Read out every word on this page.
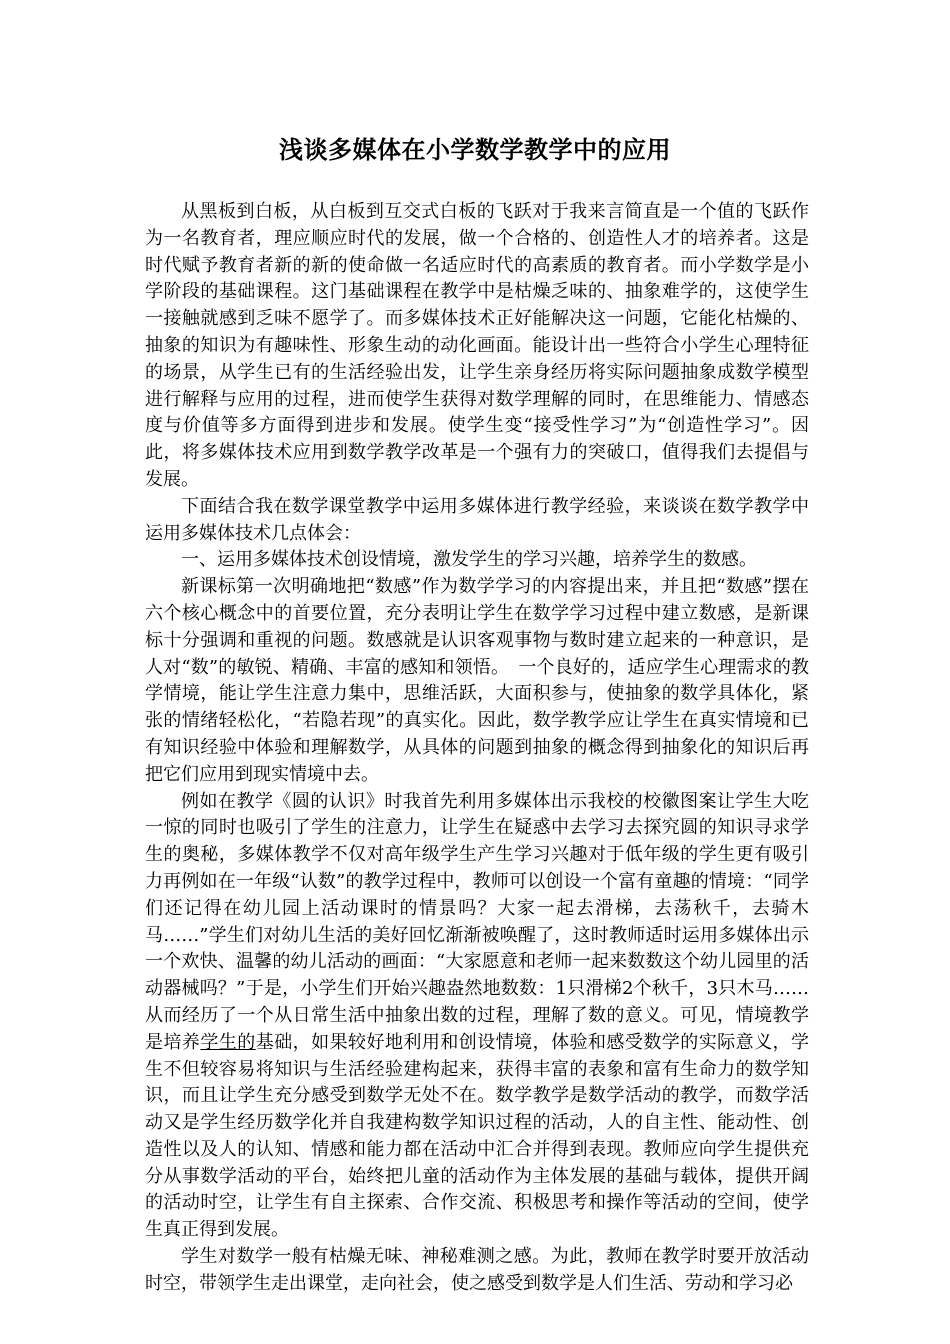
浅谈多媒体在小学数学教学中的应用

从黑板到白板，从白板到互交式白板的飞跃对于我来言简直是一个值的飞跃作为一名教育者，理应顺应时代的发展，做一个合格的、创造性人才的培养者。这是时代赋予教育者新的新的使命做一名适应时代的高素质的教育者。而小学数学是小学阶段的基础课程。这门基础课程在教学中是枯燥乏味的、抽象难学的，这使学生一接触就感到乏味不愿学了。而多媒体技术正好能解决这一问题，它能化枯燥的、抽象的知识为有趣味性、形象生动的动化画面。能设计出一些符合小学生心理特征的场景，从学生已有的生活经验出发，让学生亲身经历将实际问题抽象成数学模型进行解释与应用的过程，进而使学生获得对数学理解的同时，在思维能力、情感态度与价值等多方面得到进步和发展。使学生变“接受性学习”为“创造性学习”。因此，将多媒体技术应用到数学教学改革是一个强有力的突破口，值得我们去提倡与发展。

下面结合我在数学课堂教学中运用多媒体进行教学经验，来谈谈在数学教学中运用多媒体技术几点体会：

一、运用多媒体技术创设情境，激发学生的学习兴趣，培养学生的数感。

新课标第一次明确地把“数感”作为数学学习的内容提出来，并且把“数感”摆在六个核心概念中的首要位置，充分表明让学生在数学学习过程中建立数感，是新课标十分强调和重视的问题。数感就是认识客观事物与数时建立起来的一种意识，是人对“数”的敏锐、精确、丰富的感知和领悟。　一个良好的，适应学生心理需求的教学情境，能让学生注意力集中，思维活跃，大面积参与，使抽象的数学具体化，紧张的情绪轻松化，“若隐若现”的真实化。因此，数学教学应让学生在真实情境和已有知识经验中体验和理解数学，从具体的问题到抽象的概念得到抽象化的知识后再把它们应用到现实情境中去。

例如在教学《圆的认识》时我首先利用多媒体出示我校的校徽图案让学生大吃一惊的同时也吸引了学生的注意力，让学生在疑惑中去学习去探究圆的知识寻求学生的奥秘，多媒体教学不仅对高年级学生产生学习兴趣对于低年级的学生更有吸引力再例如在一年级“认数”的教学过程中，教师可以创设一个富有童趣的情境：“同学们还记得在幼儿园上活动课时的情景吗？大家一起去滑梯，去荡秋千，去骑木马……”学生们对幼儿生活的美好回忆渐渐被唤醒了，这时教师适时运用多媒体出示一个欢快、温馨的幼儿活动的画面：“大家愿意和老师一起来数数这个幼儿园里的活动器械吗？”于是，小学生们开始兴趣盎然地数数：1只滑梯2个秋千，3只木马……从而经历了一个从日常生活中抽象出数的过程，理解了数的意义。可见，情境教学是培养学生的基础，如果较好地利用和创设情境，体验和感受数学的实际意义，学生不但较容易将知识与生活经验建构起来，获得丰富的表象和富有生命力的数学知识，而且让学生充分感受到数学无处不在。数学教学是数学活动的教学，而数学活动又是学生经历数学化并自我建构数学知识过程的活动，人的自主性、能动性、创造性以及人的认知、情感和能力都在活动中汇合并得到表现。教师应向学生提供充分从事数学活动的平台，始终把儿童的活动作为主体发展的基础与载体，提供开阔的活动时空，让学生有自主探索、合作交流、积极思考和操作等活动的空间，使学生真正得到发展。

学生对数学一般有枯燥无味、神秘难测之感。为此，教师在教学时要开放活动时空，带领学生走出课堂，走向社会，使之感受到数学是人们生活、劳动和学习必
